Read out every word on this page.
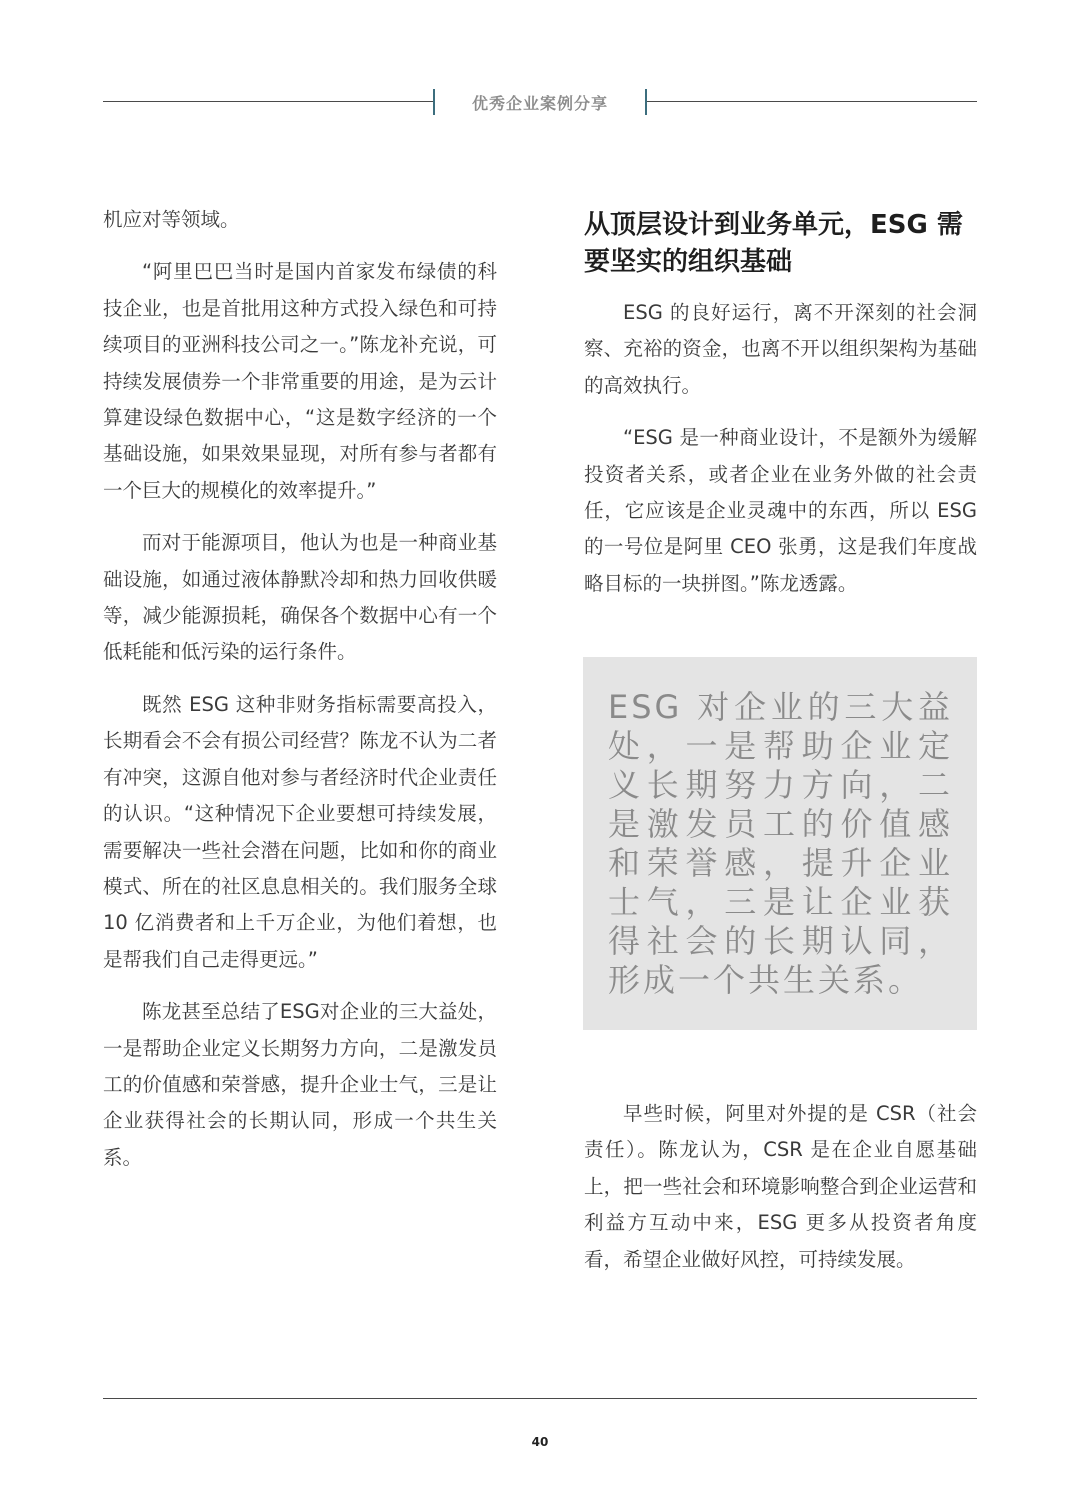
优秀企业案例分享

机应对等领域。

“阿里巴巴当时是国内首家发布绿债的科技企业，也是首批用这种方式投入绿色和可持续项目的亚洲科技公司之一。”陈龙补充说，可持续发展债券一个非常重要的用途，是为云计算建设绿色数据中心，“这是数字经济的一个基础设施，如果效果显现，对所有参与者都有一个巨大的规模化的效率提升。”

而对于能源项目，他认为也是一种商业基础设施，如通过液体静默冷却和热力回收供暖等，减少能源损耗，确保各个数据中心有一个低耗能和低污染的运行条件。

既然 ESG 这种非财务指标需要高投入，长期看会不会有损公司经营？陈龙不认为二者有冲突，这源自他对参与者经济时代企业责任的认识。“这种情况下企业要想可持续发展，需要解决一些社会潜在问题，比如和你的商业模式、所在的社区息息相关的。我们服务全球 10 亿消费者和上千万企业，为他们着想，也是帮我们自己走得更远。”

陈龙甚至总结了ESG对企业的三大益处，一是帮助企业定义长期努力方向，二是激发员工的价值感和荣誉感，提升企业士气，三是让企业获得社会的长期认同，形成一个共生关系。

从顶层设计到业务单元，ESG 需要坚实的组织基础

ESG 的良好运行，离不开深刻的社会洞察、充裕的资金，也离不开以组织架构为基础的高效执行。

“ESG 是一种商业设计，不是额外为缓解投资者关系，或者企业在业务外做的社会责任，它应该是企业灵魂中的东西，所以 ESG 的一号位是阿里 CEO 张勇，这是我们年度战略目标的一块拼图。”陈龙透露。

ESG 对企业的三大益处，一是帮助企业定义长期努力方向，二是激发员工的价值感和荣誉感，提升企业士气，三是让企业获得社会的长期认同，形成一个共生关系。

早些时候，阿里对外提的是 CSR（社会责任）。陈龙认为，CSR 是在企业自愿基础上，把一些社会和环境影响整合到企业运营和利益方互动中来，ESG 更多从投资者角度看，希望企业做好风控，可持续发展。

40
